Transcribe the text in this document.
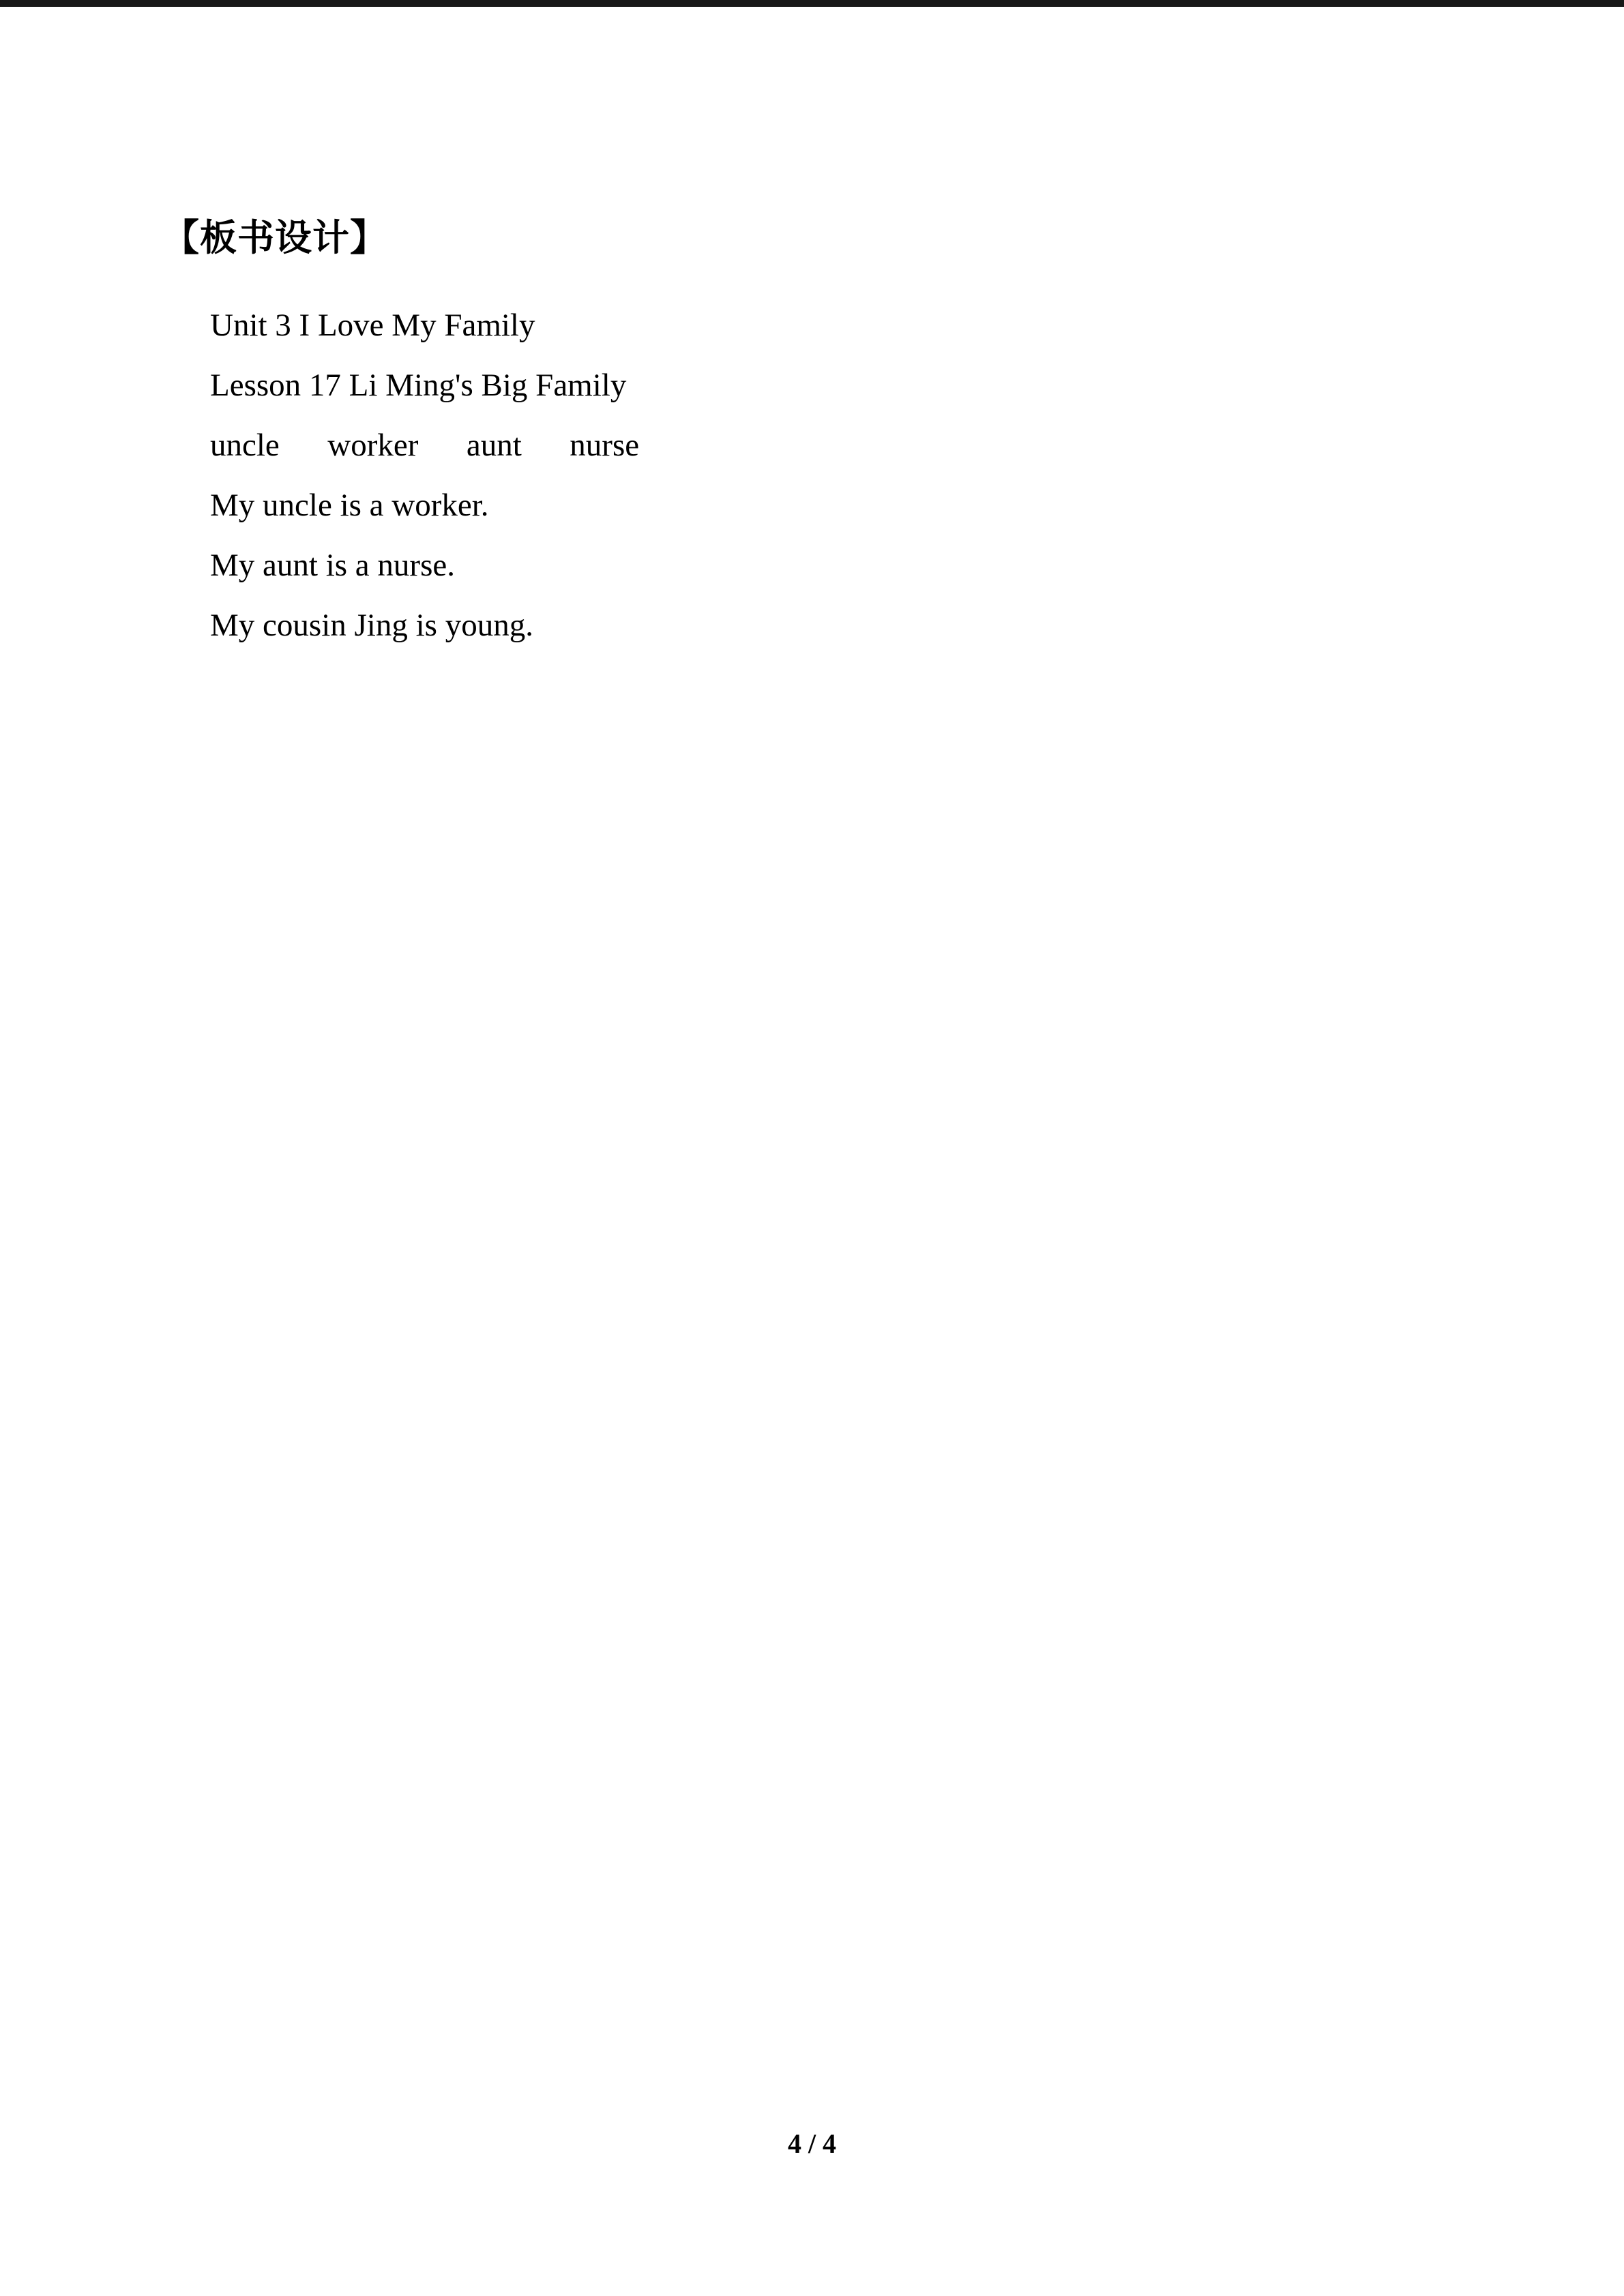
【板书设计】

Unit 3 I Love My Family

Lesson 17 Li Ming's Big Family

uncle      worker      aunt      nurse

My uncle is a worker.

My aunt is a nurse.

My cousin Jing is young.

4 / 4
